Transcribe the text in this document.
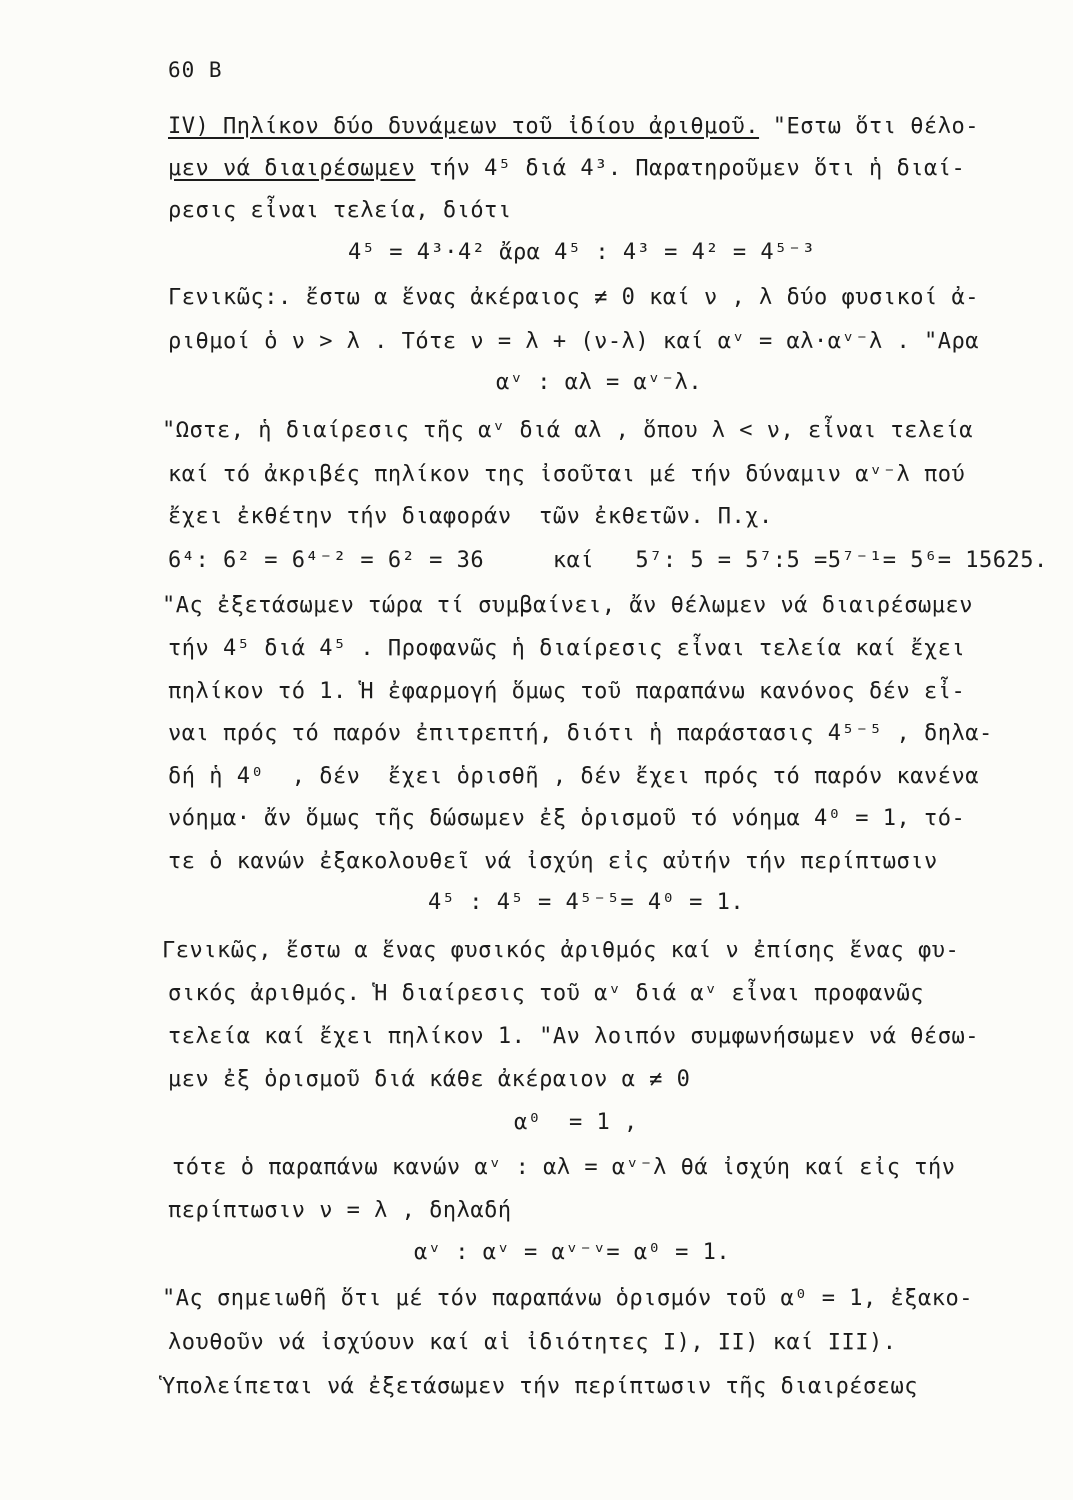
60 B
IV) Πηλίκον δύο δυνάμεων τοῦ ἰδίου ἀριθμοῦ. "Εστω ὅτι θέλο-
μεν νά διαιρέσωμεν τήν 4⁵ διά 4³. Παρατηροῦμεν ὅτι ἡ διαί-
ρεσις εἶναι τελεία, διότι
4⁵ = 4³·4² ἄρα 4⁵ : 4³ = 4² = 4⁵⁻³
Γενικῶς:. ἔστω α ἕνας ἀκέραιος ≠ 0 καί ν , λ δύο φυσικοί ἀ-
ριθμοί ὁ ν > λ . Τότε ν = λ + (ν-λ) καί αᵛ = αλ·αᵛ⁻λ . "Αρα
αᵛ : αλ = αᵛ⁻λ.
"Ωστε, ἡ διαίρεσις τῆς αᵛ διά αλ , ὅπου λ < ν, εἶναι τελεία
καί τό ἀκριβές πηλίκον της ἰσοῦται μέ τήν δύναμιν αᵛ⁻λ πού
ἔχει ἐκθέτην τήν διαφοράν  τῶν ἐκθετῶν. Π.χ.
6⁴: 6² = 6⁴⁻² = 6² = 36     καί   5⁷: 5 = 5⁷:5 =5⁷⁻¹= 5⁶= 15625.
"Ας ἐξετάσωμεν τώρα τί συμβαίνει, ἄν θέλωμεν νά διαιρέσωμεν
τήν 4⁵ διά 4⁵ . Προφανῶς ἡ διαίρεσις εἶναι τελεία καί ἔχει
πηλίκον τό 1. Ἡ ἐφαρμογή ὅμως τοῦ παραπάνω κανόνος δέν εἶ-
ναι πρός τό παρόν ἐπιτρεπτή, διότι ἡ παράστασις 4⁵⁻⁵ , δηλα-
δή ἡ 4⁰  , δέν  ἔχει ὁρισθῆ , δέν ἔχει πρός τό παρόν κανένα
νόημα· ἄν ὅμως τῆς δώσωμεν ἐξ ὁρισμοῦ τό νόημα 4⁰ = 1, τό-
τε ὁ κανών ἐξακολουθεῖ νά ἰσχύη εἰς αὐτήν τήν περίπτωσιν
4⁵ : 4⁵ = 4⁵⁻⁵= 4⁰ = 1.
Γενικῶς, ἔστω α ἕνας φυσικός ἀριθμός καί ν ἐπίσης ἕνας φυ-
σικός ἀριθμός. Ἡ διαίρεσις τοῦ αᵛ διά αᵛ εἶναι προφανῶς
τελεία καί ἔχει πηλίκον 1. "Αν λοιπόν συμφωνήσωμεν νά θέσω-
μεν ἐξ ὁρισμοῦ διά κάθε ἀκέραιον α ≠ 0
α⁰  = 1 ,
τότε ὁ παραπάνω κανών αᵛ : αλ = αᵛ⁻λ θά ἰσχύη καί εἰς τήν
περίπτωσιν ν = λ , δηλαδή
αᵛ : αᵛ = αᵛ⁻ᵛ= α⁰ = 1.
"Ας σημειωθῆ ὅτι μέ τόν παραπάνω ὁρισμόν τοῦ α⁰ = 1, ἐξακο-
λουθοῦν νά ἰσχύουν καί αἱ ἰδιότητες Ι), ΙΙ) καί ΙΙΙ).
Ὑπολείπεται νά ἐξετάσωμεν τήν περίπτωσιν τῆς διαιρέσεως
